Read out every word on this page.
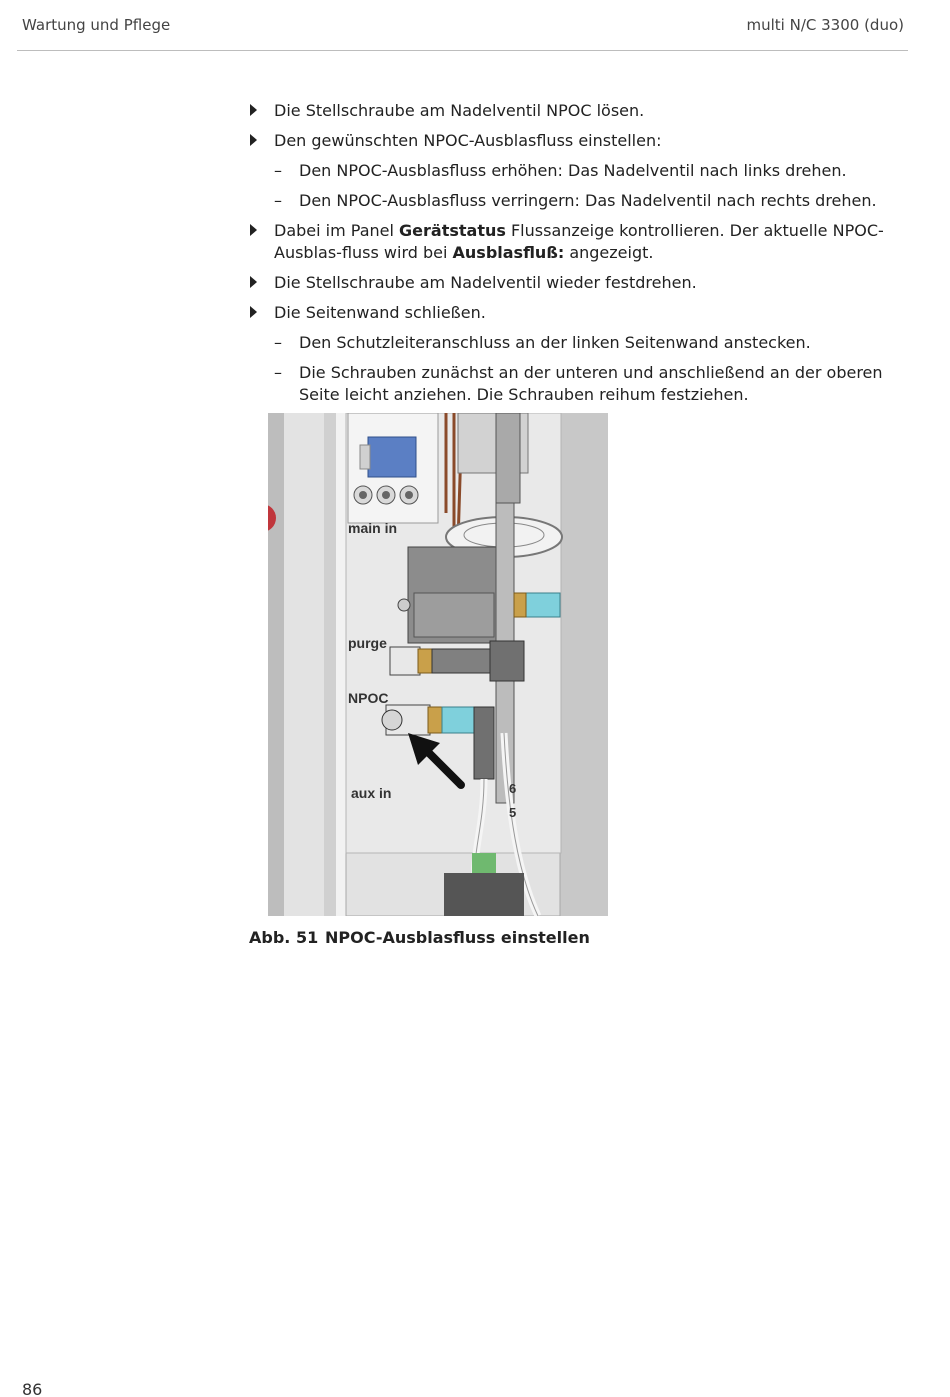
Wartung und Pflege	multi N/C 3300 (duo)
Die Stellschraube am Nadelventil NPOC lösen.
Den gewünschten NPOC-Ausblasfluss einstellen:
– Den NPOC-Ausblasfluss erhöhen: Das Nadelventil nach links drehen.
– Den NPOC-Ausblasfluss verringern: Das Nadelventil nach rechts drehen.
Dabei im Panel Gerätstatus Flussanzeige kontrollieren. Der aktuelle NPOC-Ausblas-fluss wird bei Ausblasfluß: angezeigt.
Die Stellschraube am Nadelventil wieder festdrehen.
Die Seitenwand schließen.
– Den Schutzleiteranschluss an der linken Seitenwand anstecken.
– Die Schrauben zunächst an der unteren und anschließend an der oberen Seite leicht anziehen. Die Schrauben reihum festziehen.
main in
purge
NPOC
aux in	6
5
Abb. 51 NPOC-Ausblasfluss einstellen
86
